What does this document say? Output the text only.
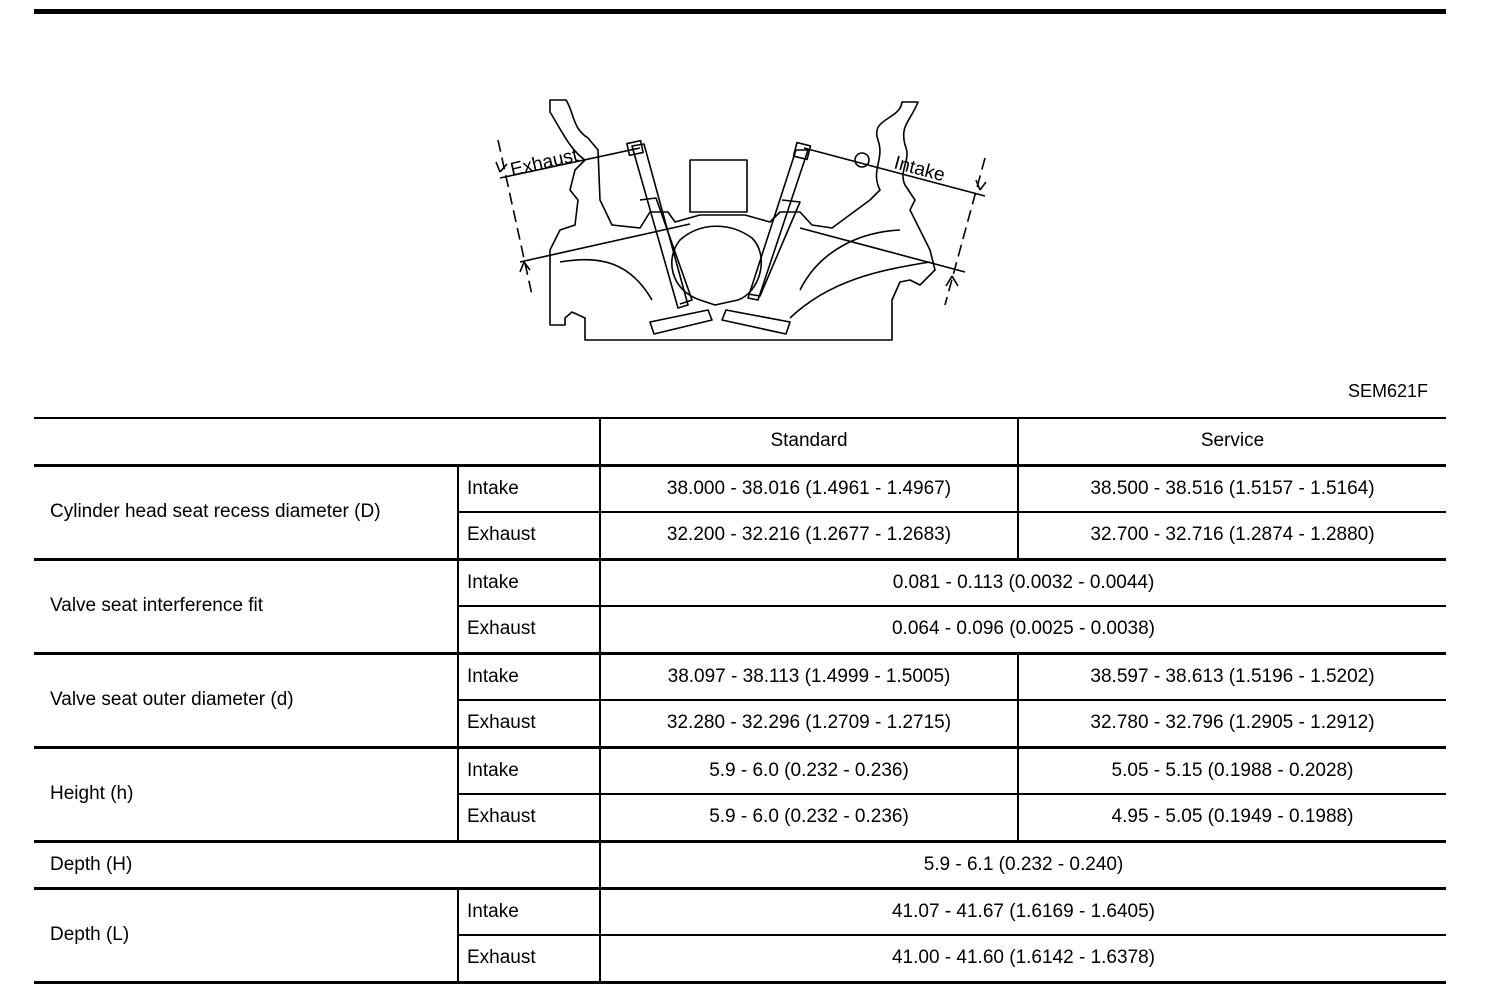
Exhaust	Intake
SEM621F
		Standard	Service
Cylinder head seat recess diameter (D)	Intake	38.000 - 38.016 (1.4961 - 1.4967)	38.500 - 38.516 (1.5157 - 1.5164)
	Exhaust	32.200 - 32.216 (1.2677 - 1.2683)	32.700 - 32.716 (1.2874 - 1.2880)
Valve seat interference fit	Intake	0.081 - 0.113 (0.0032 - 0.0044)	
	Exhaust	0.064 - 0.096 (0.0025 - 0.0038)	
Valve seat outer diameter (d)	Intake	38.097 - 38.113 (1.4999 - 1.5005)	38.597 - 38.613 (1.5196 - 1.5202)
	Exhaust	32.280 - 32.296 (1.2709 - 1.2715)	32.780 - 32.796 (1.2905 - 1.2912)
Height (h)	Intake	5.9 - 6.0 (0.232 - 0.236)	5.05 - 5.15 (0.1988 - 0.2028)
	Exhaust	5.9 - 6.0 (0.232 - 0.236)	4.95 - 5.05 (0.1949 - 0.1988)
Depth (H)		5.9 - 6.1 (0.232 - 0.240)	
Depth (L)	Intake	41.07 - 41.67 (1.6169 - 1.6405)	
	Exhaust	41.00 - 41.60 (1.6142 - 1.6378)	
